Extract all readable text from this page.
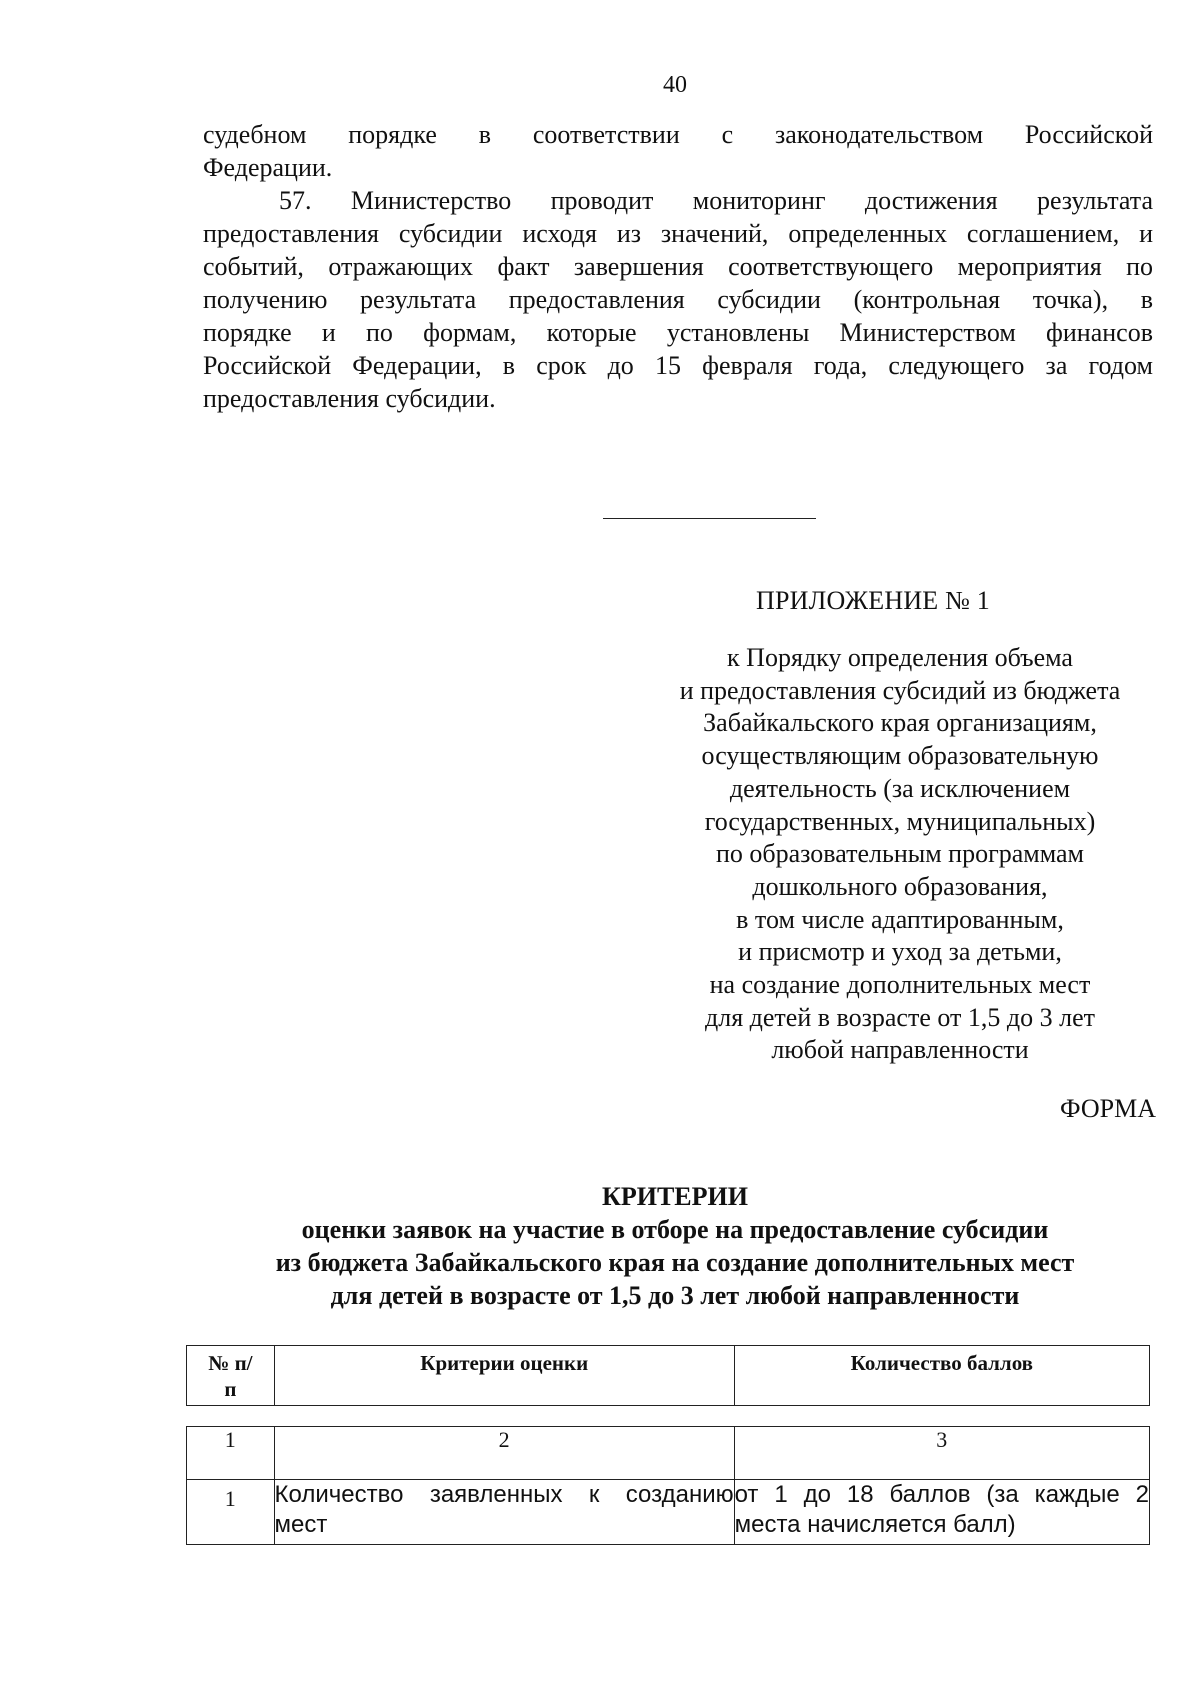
40

судебном порядке в соответствии с законодательством Российской

Федерации.

57. Министерство проводит мониторинг достижения результата

предоставления субсидии исходя из значений, определенных соглашением, и

событий, отражающих факт завершения соответствующего мероприятия по

получению результата предоставления субсидии (контрольная точка), в

порядке и по формам, которые установлены Министерством финансов

Российской Федерации, в срок до 15 февраля года, следующего за годом

предоставления субсидии.

ПРИЛОЖЕНИЕ № 1
к Порядку определения объема
и предоставления субсидий из бюджета
Забайкальского края организациям,
осуществляющим образовательную
деятельность (за исключением
государственных, муниципальных)
по образовательным программам
дошкольного образования,
в том числе адаптированным,
и присмотр и уход за детьми,
на создание дополнительных мест
для детей в возрасте от 1,5 до 3 лет
любой направленности
ФОРМА
КРИТЕРИИ
оценки заявок на участие в отборе на предоставление субсидии
из бюджета Забайкальского края на создание дополнительных мест
для детей в возрасте от 1,5 до 3 лет любой направленности
№ п/п	Критерии оценки	Количество баллов
1	2	3
1	Количество заявленных к созданию мест	от 1 до 18 баллов (за каждые 2 места начисляется балл)
